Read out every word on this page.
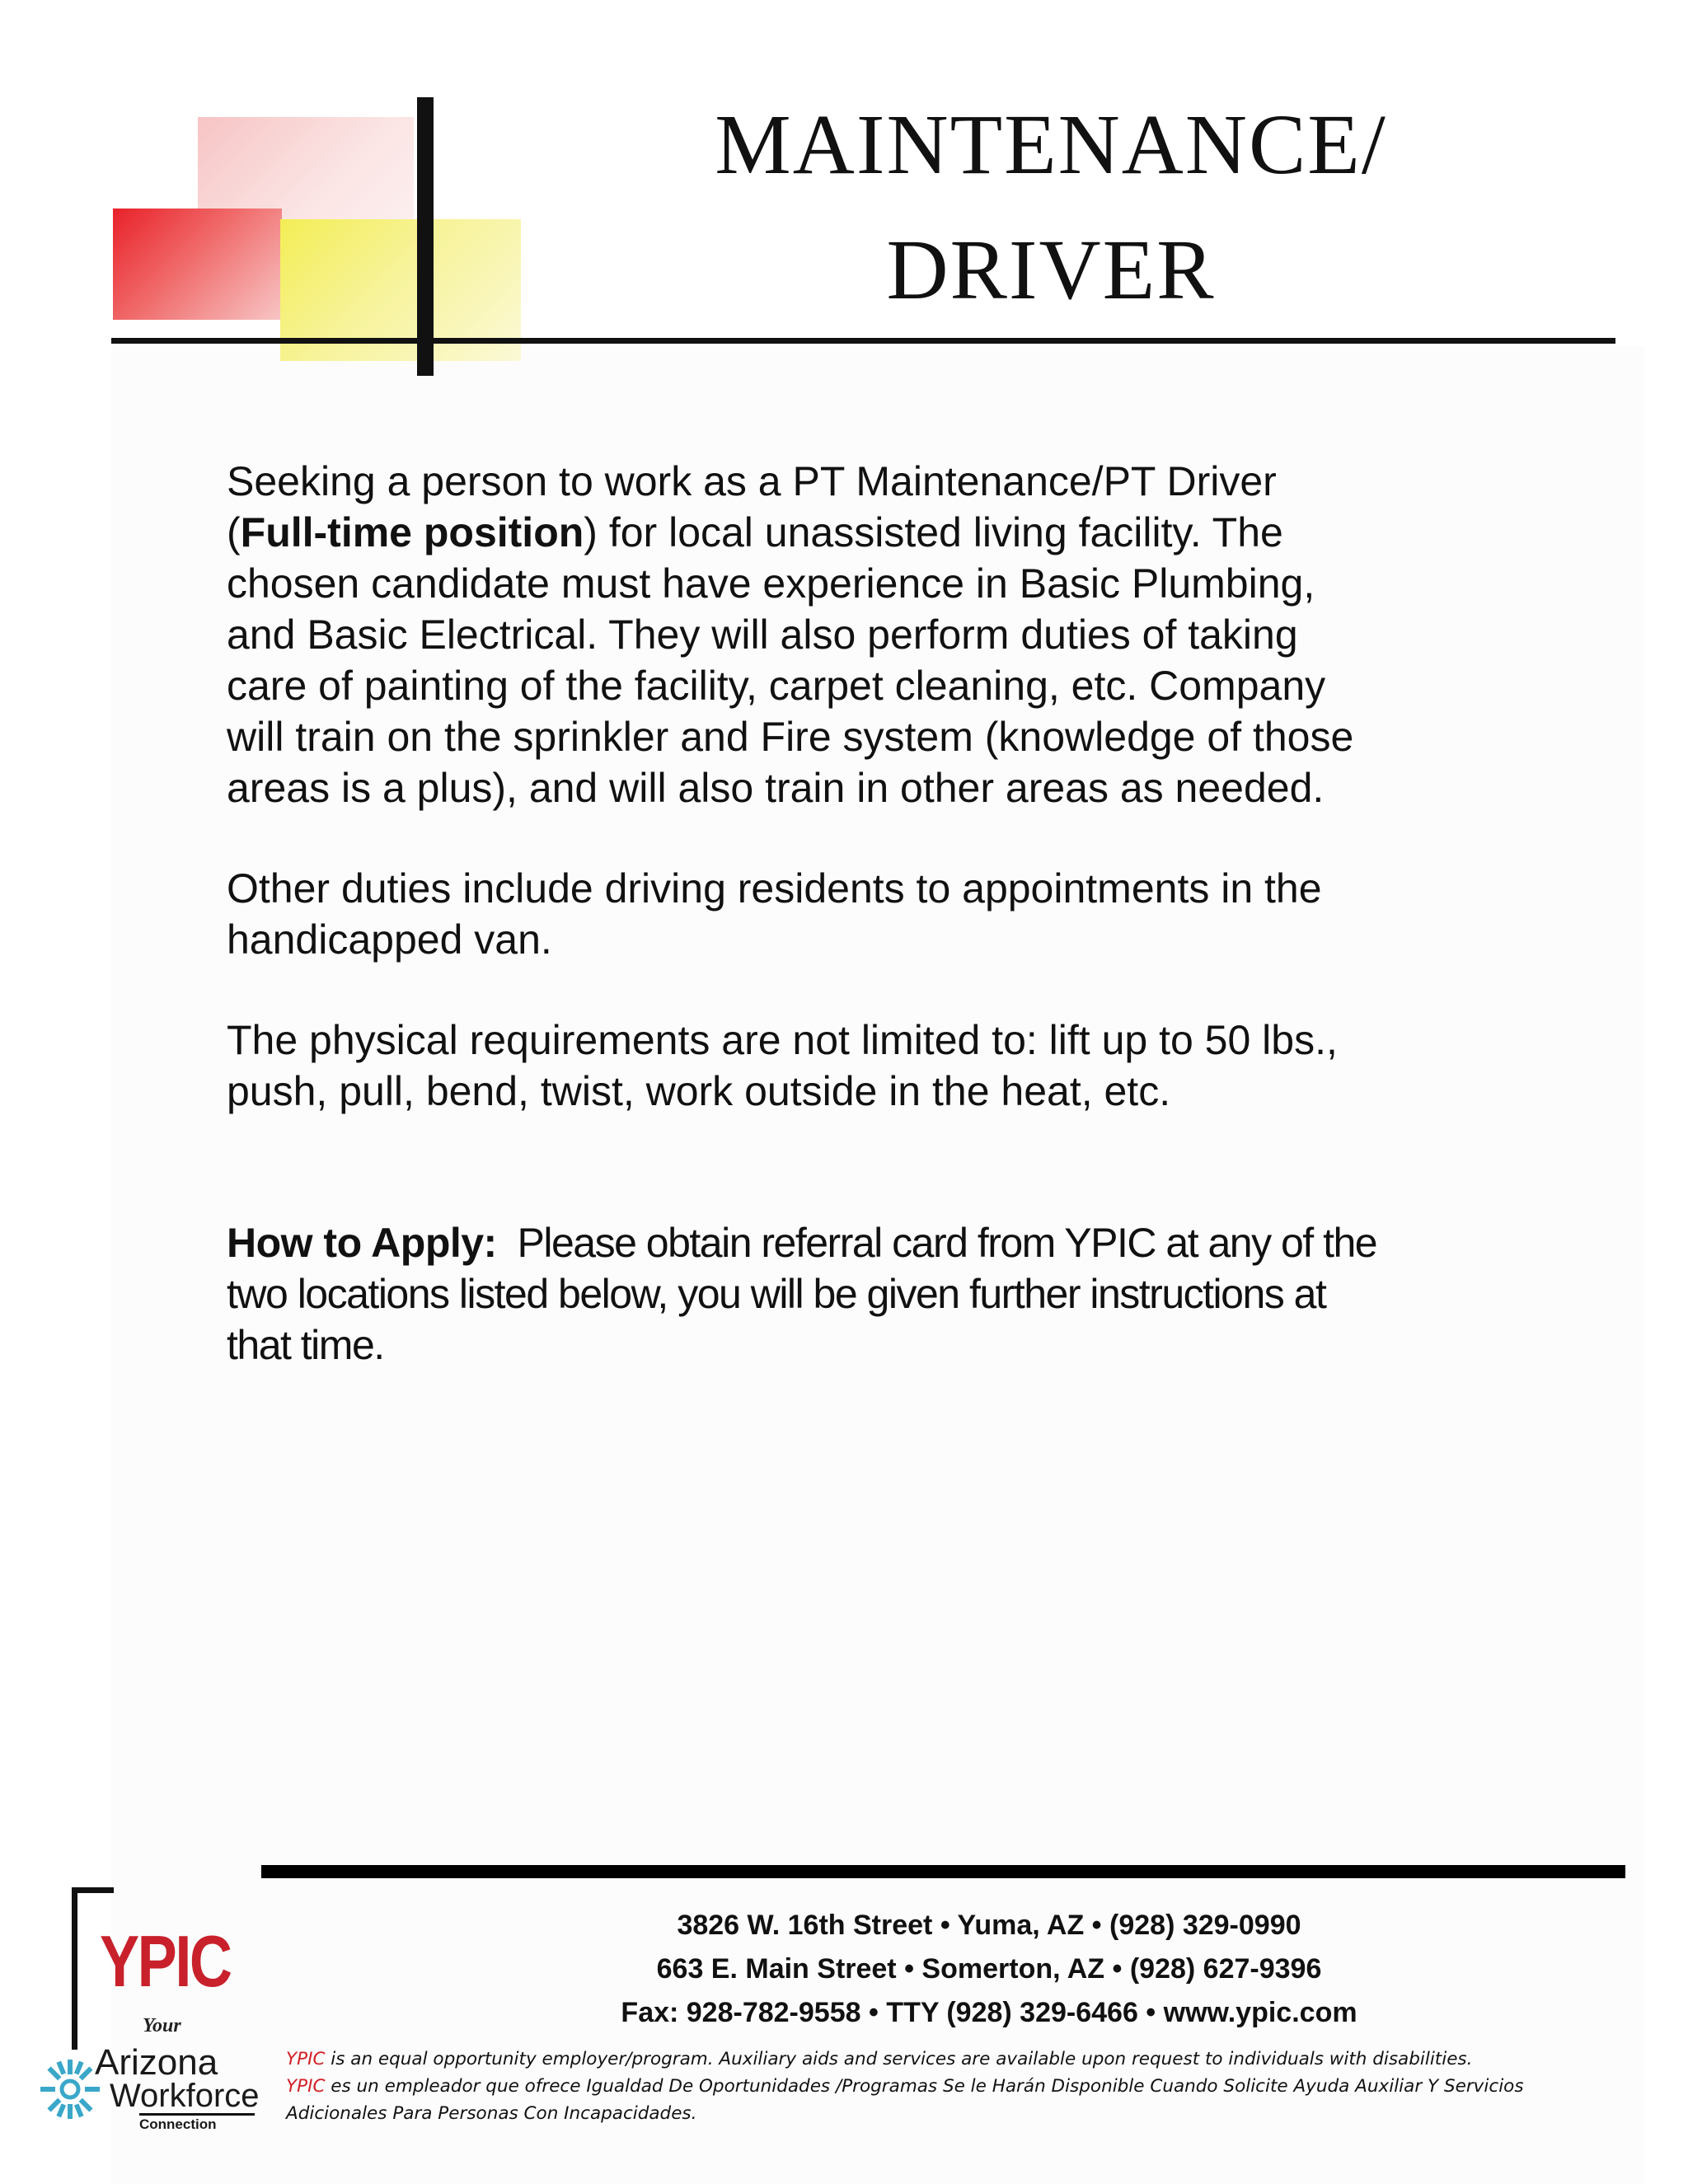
MAINTENANCE/
DRIVER

Seeking a person to work as a PT Maintenance/PT Driver

(Full-time position) for local unassisted living facility. The

chosen candidate must have experience in Basic Plumbing,

and Basic Electrical. They will also perform duties of taking

care of painting of the facility, carpet cleaning, etc. Company

will train on the sprinkler and Fire system (knowledge of those

areas is a plus), and will also train in other areas as needed.

Other duties include driving residents to appointments in the

handicapped van.

The physical requirements are not limited to: lift up to 50 lbs.,

push, pull, bend, twist, work outside in the heat, etc.

How to Apply:  Please obtain referral card from YPIC at any of the

two locations listed below, you will be given further instructions at

that time.

YPIC
Your
Arizona
Workforce
Connection
3826 W. 16th Street • Yuma, AZ • (928) 329-0990
663 E. Main Street • Somerton, AZ • (928) 627-9396
Fax: 928-782-9558 • TTY (928) 329-6466 • www.ypic.com
YPIC is an equal opportunity employer/program. Auxiliary aids and services are available upon request to individuals with disabilities.
YPIC es un empleador que ofrece Igualdad De Oportunidades /Programas Se le Harán Disponible Cuando Solicite Ayuda Auxiliar Y Servicios
Adicionales Para Personas Con Incapacidades.
